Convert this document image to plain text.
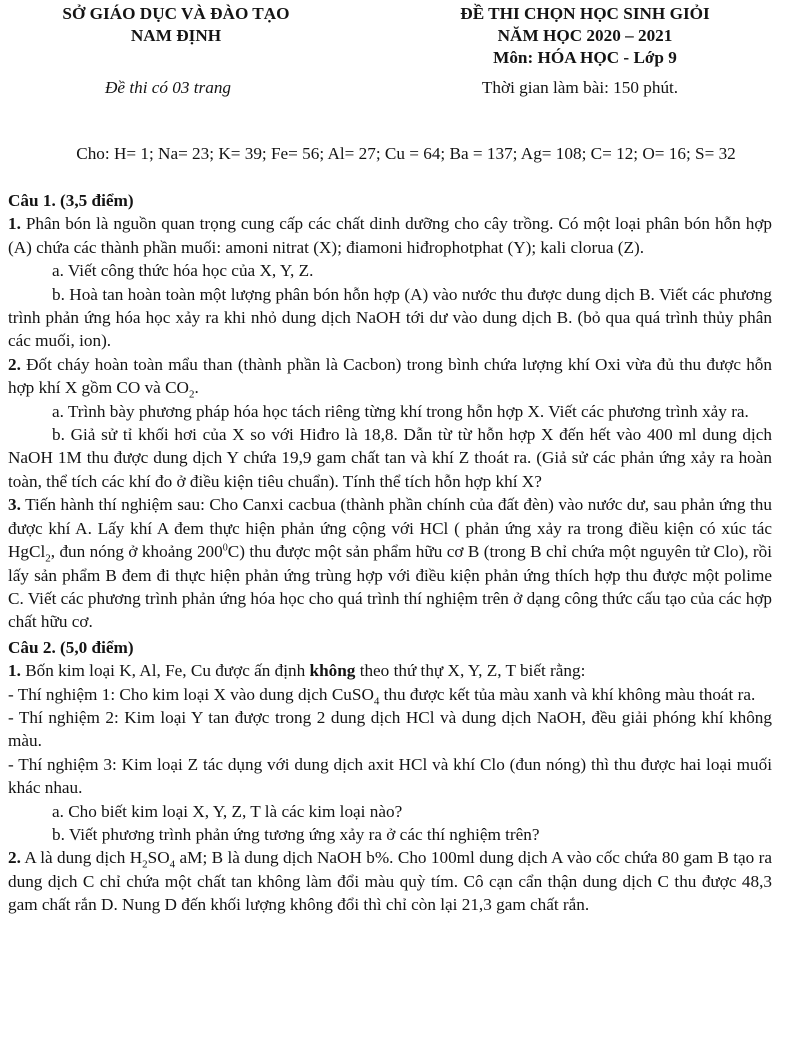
SỞ GIÁO DỤC VÀ ĐÀO TẠO
NAM ĐỊNH
ĐỀ THI CHỌN HỌC SINH GIỎI
NĂM HỌC 2020 – 2021
Môn: HÓA HỌC - Lớp 9
Đề thi có 03 trang	Thời gian làm bài: 150 phút.
Cho: H= 1; Na= 23; K= 39; Fe= 56; Al= 27; Cu = 64; Ba = 137; Ag= 108; C= 12; O= 16; S= 32

Câu 1. (3,5 điểm)

1. Phân bón là nguồn quan trọng cung cấp các chất dinh dưỡng cho cây trồng. Có một loại phân bón hỗn hợp (A) chứa các thành phần muối: amoni nitrat (X); điamoni hiđrophotphat (Y); kali clorua (Z).

a. Viết công thức hóa học của X, Y, Z.

b. Hoà tan hoàn toàn một lượng phân bón hỗn hợp (A) vào nước thu được dung dịch B. Viết các phương trình phản ứng hóa học xảy ra khi nhỏ dung dịch NaOH tới dư vào dung dịch B. (bỏ qua quá trình thủy phân các muối, ion).

2. Đốt cháy hoàn toàn mẩu than (thành phần là Cacbon) trong bình chứa lượng khí Oxi vừa đủ thu được hỗn hợp khí X gồm CO và $CO_2$.

a. Trình bày phương pháp hóa học tách riêng từng khí trong hỗn hợp X. Viết các phương trình xảy ra.

b. Giả sử tỉ khối hơi của X so với Hiđro là 18,8. Dẫn từ từ hỗn hợp X đến hết vào 400 ml dung dịch NaOH 1M thu được dung dịch Y chứa 19,9 gam chất tan và khí Z thoát ra. (Giả sử các phản ứng xảy ra hoàn toàn, thể tích các khí đo ở điều kiện tiêu chuẩn). Tính thể tích hỗn hợp khí X?

3. Tiến hành thí nghiệm sau: Cho Canxi cacbua (thành phần chính của đất đèn) vào nước dư, sau phản ứng thu được khí A. Lấy khí A đem thực hiện phản ứng cộng với HCl ( phản ứng xảy ra trong điều kiện có xúc tác HgCl$_2$, đun nóng ở khoảng $200^0C$) thu được một sản phẩm hữu cơ B (trong B chỉ chứa một nguyên tử Clo), rồi lấy sản phẩm B đem đi thực hiện phản ứng trùng hợp với điều kiện phản ứng thích hợp thu được một polime C. Viết các phương trình phản ứng hóa học cho quá trình thí nghiệm trên ở dạng công thức cấu tạo của các hợp chất hữu cơ.

Câu 2. (5,0 điểm)

1. Bốn kim loại K, Al, Fe, Cu được ấn định không theo thứ thự X, Y, Z, T biết rằng:

- Thí nghiệm 1: Cho kim loại X vào dung dịch CuSO$_4$ thu được kết tủa màu xanh và khí không màu thoát ra.

- Thí nghiệm 2: Kim loại Y tan được trong 2 dung dịch HCl và dung dịch NaOH, đều giải phóng khí không màu.

- Thí nghiệm 3: Kim loại Z tác dụng với dung dịch axit HCl và khí Clo (đun nóng) thì thu được hai loại muối khác nhau.

a. Cho biết kim loại X, Y, Z, T là các kim loại nào?

b. Viết phương trình phản ứng tương ứng xảy ra ở các thí nghiệm trên?

2. A là dung dịch $H_2SO_4$ aM; B là dung dịch NaOH b%. Cho 100ml dung dịch A vào cốc chứa 80 gam B tạo ra dung dịch C chỉ chứa một chất tan không làm đổi màu quỳ tím. Cô cạn cẩn thận dung dịch C thu được 48,3 gam chất rắn D. Nung D đến khối lượng không đổi thì chỉ còn lại 21,3 gam chất rắn.
